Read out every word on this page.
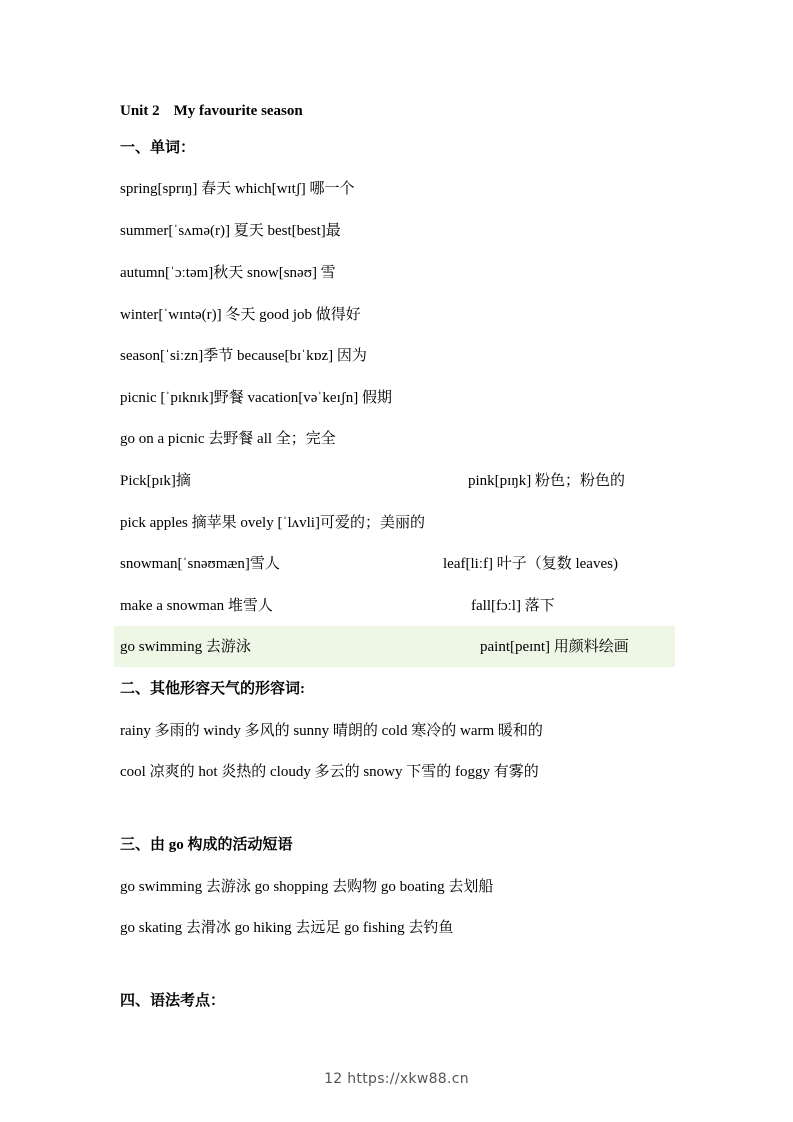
Unit 2 My favourite season
一、单词：
spring[sprɪŋ] 春天 which[wɪtʃ] 哪一个
summer[ˈsʌmə(r)] 夏天 best[best]最
autumn[ˈɔːtəm]秋天 snow[snəʊ] 雪
winter[ˈwɪntə(r)] 冬天 good job 做得好
season[ˈsiːzn]季节 because[bɪˈkɒz] 因为
picnic [ˈpɪknɪk]野餐 vacation[vəˈkeɪʃn] 假期
go on a picnic 去野餐 all 全；完全
Pick[pɪk]摘	pink[pɪŋk] 粉色；粉色的
pick apples 摘苹果 ovely [ˈlʌvli]可爱的；美丽的
snowman[ˈsnəʊmæn]雪人	leaf[liːf] 叶子（复数 leaves)
make a snowman 堆雪人	fall[fɔːl] 落下
go swimming 去游泳	paint[peɪnt] 用颜料绘画
二、其他形容天气的形容词:
rainy 多雨的 windy 多风的 sunny 晴朗的 cold 寒冷的 warm 暖和的
cool 凉爽的 hot 炎热的 cloudy 多云的 snowy 下雪的 foggy 有雾的
三、由 go 构成的活动短语
go swimming 去游泳 go shopping 去购物 go boating 去划船
go skating 去滑冰 go hiking 去远足 go fishing 去钓鱼
四、语法考点：
12 https://xkw88.cn
